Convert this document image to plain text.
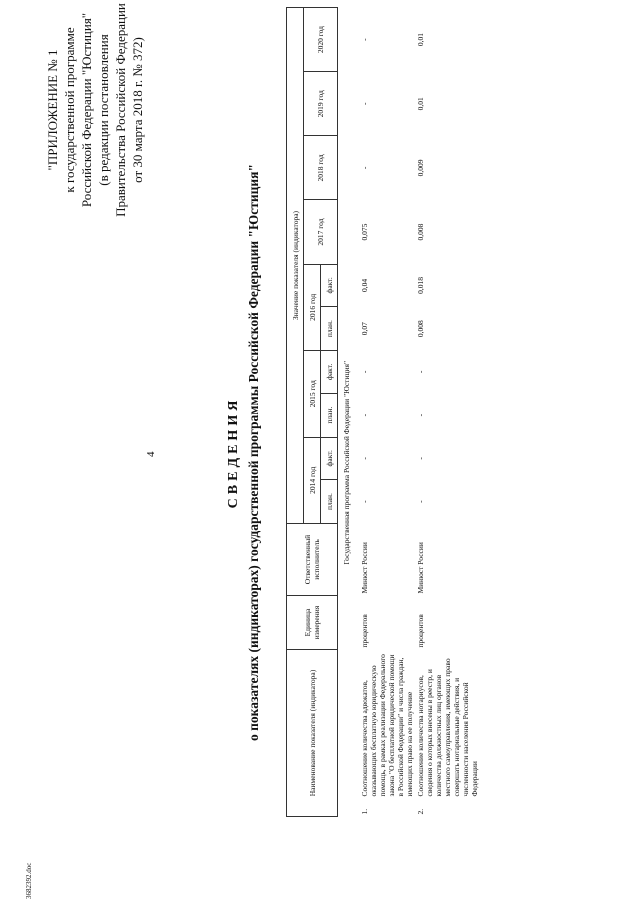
4
"ПРИЛОЖЕНИЕ № 1 к государственной программе Российской Федерации "Юстиция" (в редакции постановления Правительства Российской Федерации от 30 марта 2018 г. № 372)
СВЕДЕНИЯ о показателях (индикаторах) государственной программы Российской Федерации "Юстиция"	Наименование показателя (индикатора)		Единица измерения	Ответственный исполнитель	Значение показателя (индикатора)									
				2014 год		2015 год		2016 год		2017 год	2018 год	2019 год	2020 год
				план.	факт.	план.	факт.	план.	факт.				
Государственная программа Российской Федерации "Юстиция"													
1.	Соотношение количества адвокатов, оказывающих бесплатную юридическую помощь, в рамках реализации Федерального закона "О бесплатной юридической помощи в Российской Федерации" и числа граждан, имеющих право на ее получение	процентов	Минюст России	-	-	-	-	0,07	0,04	0,075	-	-	-
2.	Соотношение количества нотариусов, сведения о которых внесены в реестр, и количества должностных лиц органов местного самоуправления, имеющих право совершать нотариальные действия, и численности населения Российской Федерации	процентов	Минюст России	-	-	-	-	0,008	0,018	0,008	0,009	0,01	0,01
3682392.doc
